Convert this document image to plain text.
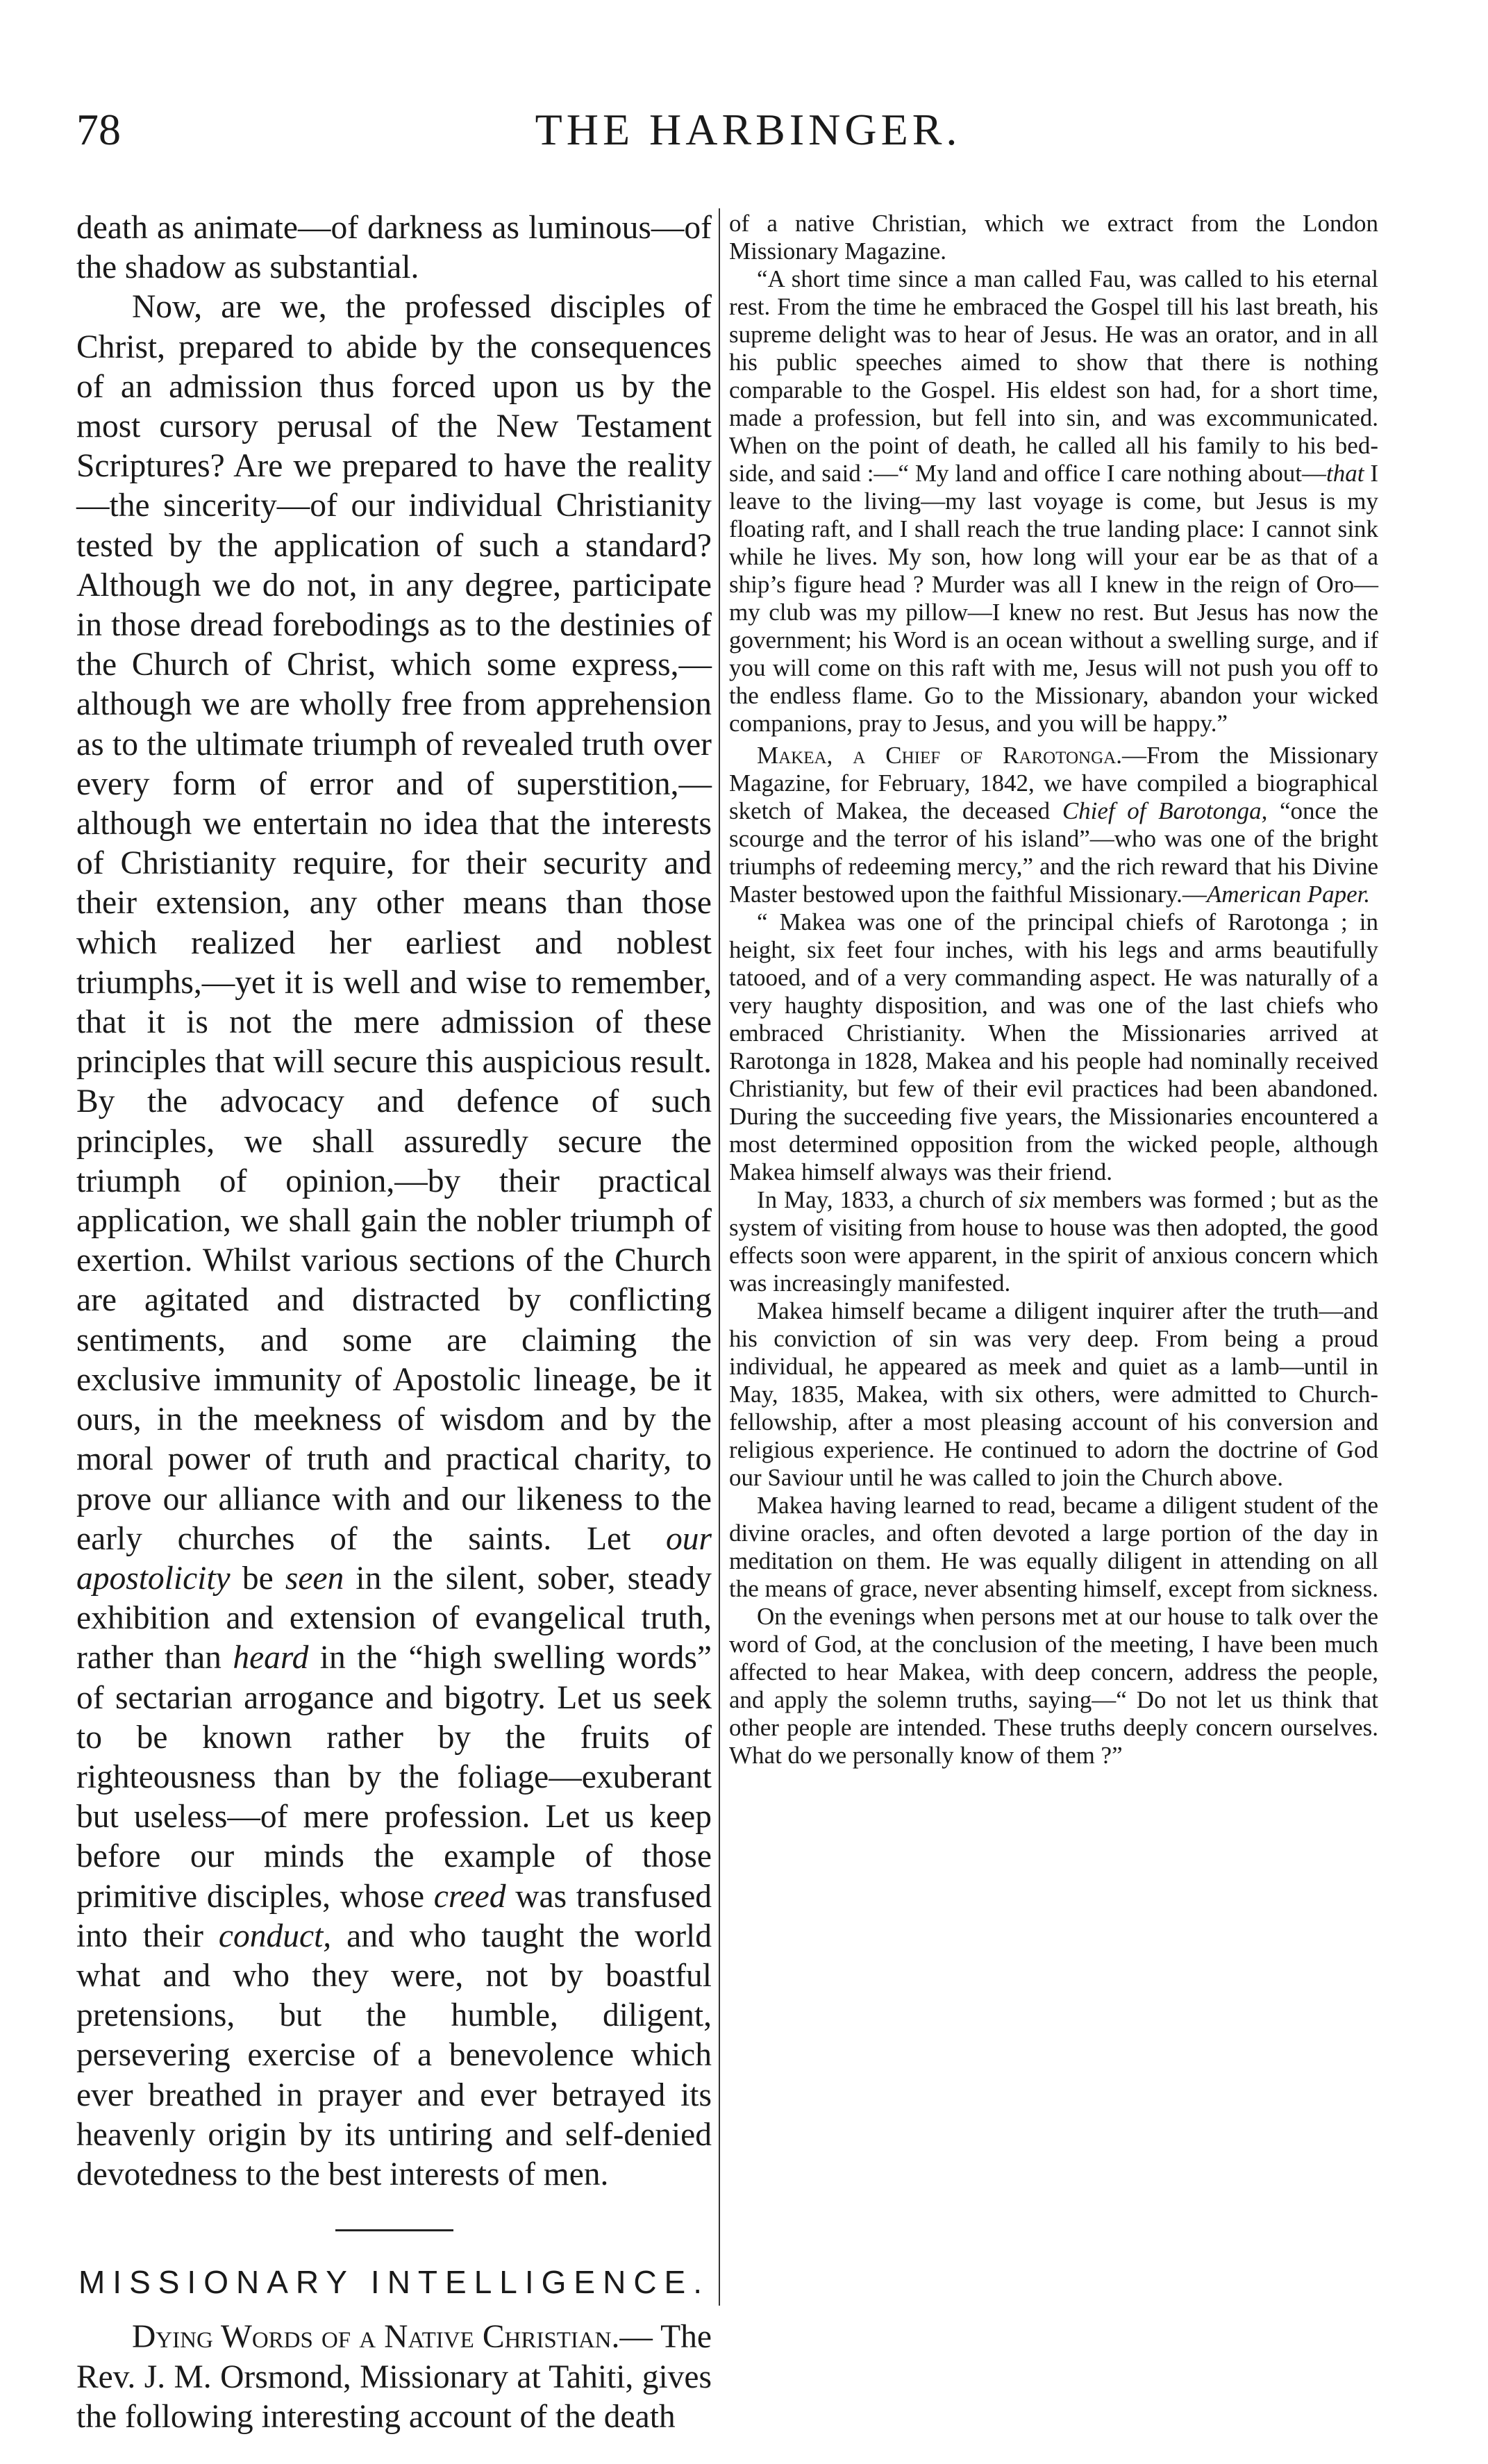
78	THE HARBINGER.

death as animate—of darkness as luminous—of the shadow as substantial.

Now, are we, the professed disciples of Christ, prepared to abide by the consequences of an admission thus forced upon us by the most cursory perusal of the New Testament Scriptures? Are we prepared to have the reality—the sincerity—of our individual Christianity tested by the application of such a standard? Although we do not, in any degree, participate in those dread forebodings as to the destinies of the Church of Christ, which some express,—although we are wholly free from apprehension as to the ultimate triumph of revealed truth over every form of error and of superstition,—although we entertain no idea that the interests of Christianity require, for their security and their extension, any other means than those which realized her earliest and noblest triumphs,—yet it is well and wise to remember, that it is not the mere admission of these principles that will secure this auspicious result. By the advocacy and defence of such principles, we shall assuredly secure the triumph of opinion,—by their practical application, we shall gain the nobler triumph of exertion. Whilst various sections of the Church are agitated and distracted by conflicting sentiments, and some are claiming the exclusive immunity of Apostolic lineage, be it ours, in the meekness of wisdom and by the moral power of truth and practical charity, to prove our alliance with and our likeness to the early churches of the saints. Let our apostolicity be seen in the silent, sober, steady exhibition and extension of evangelical truth, rather than heard in the “high swelling words” of sectarian arrogance and bigotry. Let us seek to be known rather by the fruits of righteousness than by the foliage—exuberant but useless—of mere profession. Let us keep before our minds the example of those primitive disciples, whose creed was transfused into their conduct, and who taught the world what and who they were, not by boastful pretensions, but the humble, diligent, persevering exercise of a benevolence which ever breathed in prayer and ever betrayed its heavenly origin by its untiring and self-denied devotedness to the best interests of men.

MISSIONARY INTELLIGENCE.

Dying Words of a Native Christian.— The Rev. J. M. Orsmond, Missionary at Tahiti, gives the following interesting account of the death

of a native Christian, which we extract from the London Missionary Magazine.

“A short time since a man called Fau, was called to his eternal rest. From the time he embraced the Gospel till his last breath, his supreme delight was to hear of Jesus. He was an orator, and in all his public speeches aimed to show that there is nothing comparable to the Gospel. His eldest son had, for a short time, made a profession, but fell into sin, and was excommunicated. When on the point of death, he called all his family to his bed-side, and said :—“ My land and office I care nothing about—that I leave to the living—my last voyage is come, but Jesus is my floating raft, and I shall reach the true landing place: I cannot sink while he lives. My son, how long will your ear be as that of a ship’s figure head ? Murder was all I knew in the reign of Oro—my club was my pillow—I knew no rest. But Jesus has now the government; his Word is an ocean without a swelling surge, and if you will come on this raft with me, Jesus will not push you off to the endless flame. Go to the Missionary, abandon your wicked companions, pray to Jesus, and you will be happy.”

Makea, a Chief of Rarotonga.—From the Missionary Magazine, for February, 1842, we have compiled a biographical sketch of Makea, the deceased Chief of Barotonga, “once the scourge and the terror of his island”—who was one of the bright triumphs of redeeming mercy,” and the rich reward that his Divine Master bestowed upon the faithful Missionary.—American Paper.

“ Makea was one of the principal chiefs of Rarotonga ; in height, six feet four inches, with his legs and arms beautifully tatooed, and of a very commanding aspect. He was naturally of a very haughty disposition, and was one of the last chiefs who embraced Christianity. When the Missionaries arrived at Rarotonga in 1828, Makea and his people had nominally received Christianity, but few of their evil practices had been abandoned. During the succeeding five years, the Missionaries encountered a most determined opposition from the wicked people, although Makea himself always was their friend.

In May, 1833, a church of six members was formed ; but as the system of visiting from house to house was then adopted, the good effects soon were apparent, in the spirit of anxious concern which was increasingly manifested.

Makea himself became a diligent inquirer after the truth—and his conviction of sin was very deep. From being a proud individual, he appeared as meek and quiet as a lamb—until in May, 1835, Makea, with six others, were admitted to Church-fellowship, after a most pleasing account of his conversion and religious experience. He continued to adorn the doctrine of God our Saviour until he was called to join the Church above.

Makea having learned to read, became a diligent student of the divine oracles, and often devoted a large portion of the day in meditation on them. He was equally diligent in attending on all the means of grace, never absenting himself, except from sickness.

On the evenings when persons met at our house to talk over the word of God, at the conclusion of the meeting, I have been much affected to hear Makea, with deep concern, address the people, and apply the solemn truths, saying—“ Do not let us think that other people are intended. These truths deeply concern ourselves. What do we personally know of them ?”
